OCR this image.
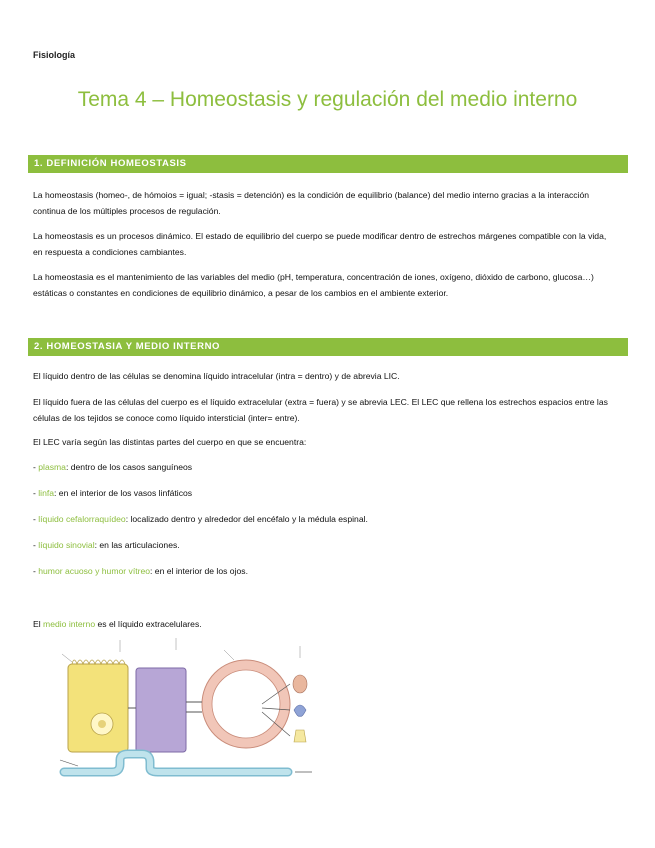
Fisiología
Tema 4 – Homeostasis y regulación del medio interno
1. DEFINICIÓN HOMEOSTASIS
La homeostasis (homeo-, de hómoios = igual; -stasis = detención) es la condición de equilibrio (balance) del medio interno gracias a la interacción continua de los múltiples procesos de regulación.
La homeostasis es un procesos dinámico. El estado de equilibrio del cuerpo se puede modificar dentro de estrechos márgenes compatible con la vida, en respuesta a condiciones cambiantes.
La homeostasia es el mantenimiento de las variables del medio (pH, temperatura, concentración de iones, oxígeno, dióxido de carbono, glucosa…) estáticas o constantes en condiciones de equilibrio dinámico, a pesar de los cambios en el ambiente exterior.
2. HOMEOSTASIA Y MEDIO INTERNO
El líquido dentro de las células se denomina líquido intracelular (intra = dentro) y de abrevia LIC.
El líquido fuera de las células del cuerpo es el líquido extracelular (extra = fuera) y se abrevia LEC. El LEC que rellena los estrechos espacios entre las células de los tejidos se conoce como líquido intersticial (inter= entre).
El LEC varía según las distintas partes del cuerpo en que se encuentra:
- plasma: dentro de los casos sanguíneos
- linfa: en el interior de los vasos linfáticos
- líquido cefalorraquídeo: localizado dentro y alrededor del encéfalo y la médula espinal.
- líquido sinovial: en las articulaciones.
- humor acuoso y humor vítreo: en el interior de los ojos.
El medio interno es el líquido extracelulares.
